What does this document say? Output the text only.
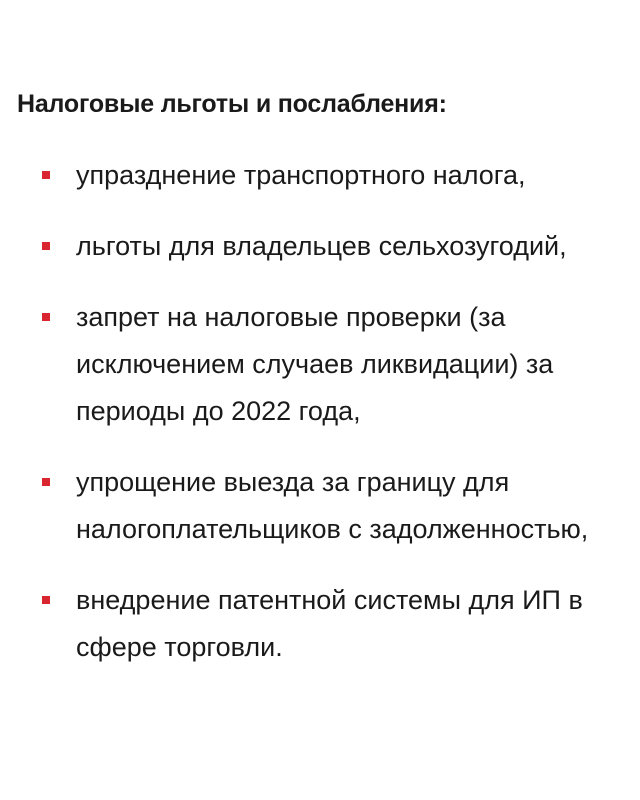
Налоговые льготы и послабления:
упразднение транспортного налога,
льготы для владельцев сельхозугодий,
запрет на налоговые проверки (за исключением случаев ликвидации) за периоды до 2022 года,
упрощение выезда за границу для налогоплательщиков с задолженностью,
внедрение патентной системы для ИП в сфере торговли.
